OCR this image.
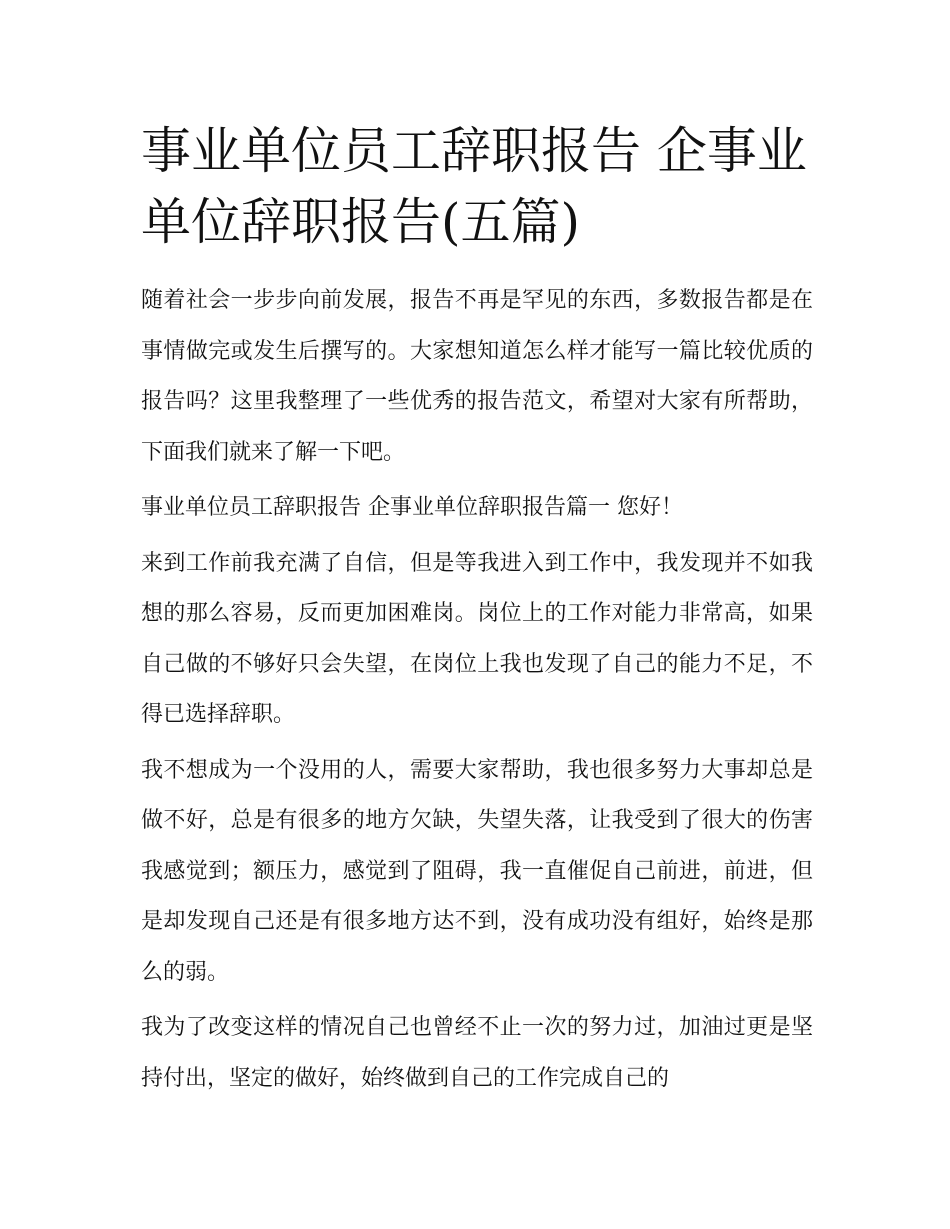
事业单位员工辞职报告 企事业单位辞职报告(五篇)

随着社会一步步向前发展，报告不再是罕见的东西，多数报告都是在事情做完或发生后撰写的。大家想知道怎么样才能写一篇比较优质的报告吗？这里我整理了一些优秀的报告范文，希望对大家有所帮助，下面我们就来了解一下吧。

事业单位员工辞职报告 企事业单位辞职报告篇一 您好！

来到工作前我充满了自信，但是等我进入到工作中，我发现并不如我想的那么容易，反而更加困难岗。岗位上的工作对能力非常高，如果自己做的不够好只会失望，在岗位上我也发现了自己的能力不足，不得已选择辞职。

我不想成为一个没用的人，需要大家帮助，我也很多努力大事却总是做不好，总是有很多的地方欠缺，失望失落，让我受到了很大的伤害我感觉到；额压力，感觉到了阻碍，我一直催促自己前进，前进，但是却发现自己还是有很多地方达不到，没有成功没有组好，始终是那么的弱。

我为了改变这样的情况自己也曾经不止一次的努力过，加油过更是坚持付出，坚定的做好，始终做到自己的工作完成自己的
